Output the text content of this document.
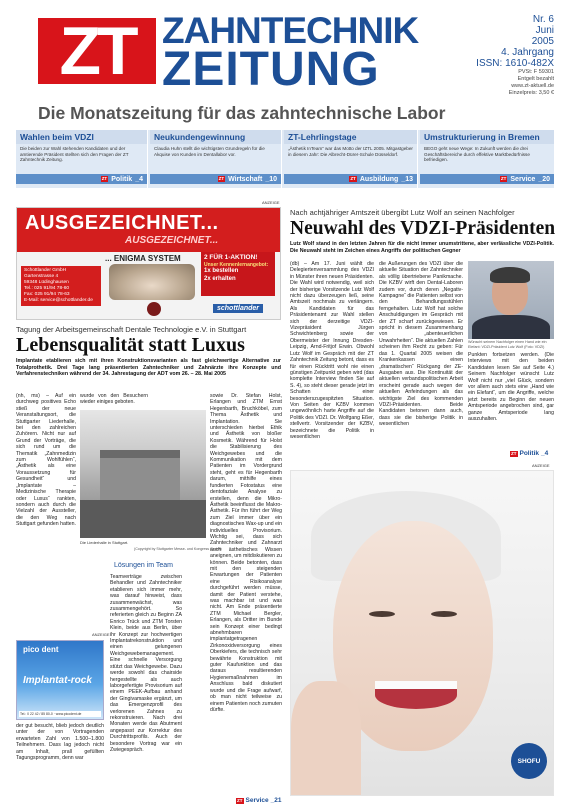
ZT ZAHNTECHNIK
ZEITUNG
Nr. 6
Juni
2005
4. Jahrgang
ISSN: 1610-482X
PVSt: F 59301
Entgelt bezahlt
www.zt-aktuell.de
Einzelpreis: 3,50 €
Die Monatszeitung für das zahntechnische Labor
Wahlen beim VDZI
Die beiden zur Wahl stehenden Kandidaten und der amtierende Präsident stellten sich den Fragen der ZT Zahntechnik Zeitung.
ZT Politik _4
Neukundengewinnung
Claudia Huhn stellt die wichtigsten Grundregeln für die Akquise von Kunden im Dentallabor vor.
ZT Wirtschaft _10
ZT-Lehrlingstage
„Ästhetik InTeam“ war das Motto der IZTL 2005. Mitgastgeber in diesem Jahr: Die Albrecht-Dürer-Schule Düsseldorf.
ZT Ausbildung _13
Umstrukturierung in Bremen
BEGO geht neue Wege: In Zukunft werden die drei Geschäftsbereiche durch effektive Marktbedürfnisse befriedigen.
ZT Service _20
ANZEIGE
AUSGEZEICHNET...
AUSGEZEICHNET...
... ENIGMA SYSTEM	2 FÜR 1-AKTION!
Unser Kennenlernangebot:
1x bestellen
2x erhalten
Schottlander GmbH
Gartenstrasse 4
59348 Lüdinghausen
Tel.: 025 91/94 78-60
Fax: 025 91/94 78-63
E-Mail: service@schottlander.de
schottlander
Tagung der Arbeitsgemeinschaft Dentale Technologie e.V. in Stuttgart
Lebensqualität statt Luxus
Implantate etablieren sich mit ihren Konstruktionsvarianten als fast gleichwertige Alternative zur Totalprothetik. Drei Tage lang präsentierten Zahntechniker und Zahnärzte ihre Konzepte und Verfahrenstechniken während der 34. Jahrestagung der ADT vom 26. – 28. Mai 2005

(nh, ms) – Auf ein durchweg positives Echo stieß der neue Veranstaltungsort, die Stuttgarter Liederhalle, bei den zahlreichen Zuhörern. Nicht nur auf Grund der Vorträge, die sich rund um die Thematik „Zahnmedizin zum Wohlfühlen“, „Ästhetik als eine Voraussetzung für Gesundheit“ und „Implantate – Medizinische Therapie oder Luxus“ rankten, sondern auch durch die Vielzahl der Aussteller, die den Weg nach Stuttgart gefunden hatten.

wurde von den Besuchern wieder einiges geboten.
Die Liederhalle in Stuttgart.
(Copyright by Stuttgarter Messe- und Kongress GmbH)
Lösungen im Team

Teamverträge zwischen Behandler und Zahntechniker etablieren sich immer mehr, was darauf hinweist, dass zusammenwächst, was zusammengehört. So referierten gleich zu Beginn ZA Enrico Trück und ZTM Torsten Klein, beide aus Berlin, über ihr Konzept zur hochwertigen Implantatrekonstruktion und einen gelungenen Weichgewebemanagement. Eine schnelle Versorgung stützt das Weichgewebe. Dazu werde sowohl das chairside hergestellte als auch laborgefertigte Provisorium auf einem PEEK-Aufbau anhand der Gingivamaske ergänzt, um das Emergenzprofil des verlorenen Zahnes zu rekonstruieren. Nach drei Monaten werde das Abutment angepasst zur Korrektur des Durchtrittsprofils. Auch der besondere Vortrag war ein Zwiegespräch.

sowie Dr. Stefan Holst, Erlangen und ZTM Ernst Hegenbarth, Bruchköbel, zum Thema Ästhetik und Implantation. Sie unterschieden hierbei Ethik und Ästhetik von bloßer Kosmetik. Während für Holst die Stabilisierung des Weichgewebes und die Kommunikation mit dem Patienten im Vordergrund steht, geht es für Hegenbarth darum, mithilfe eines fundierten Fotostatus eine dentofaziale Analyse zu erstellen, denn die Mikro-Ästhetik beeinflusst die Makro-Ästhetik. Für ihn führt der Weg zum Ziel immer über ein diagnostisches Wax-up und ein individuelles Provisorium. Wichtig sei, dass sich Zahntechniker und Zahnarzt auch ästhetisches Wissen aneignen, um mitdiskutieren zu können. Beide betonten, dass mit den steigenden Erwartungen der Patienten eine Risikoanalyse durchgeführt werden müsse, damit der Patient verstehe, was machbar ist und was nicht. Am Ende präsentierte ZTM Michael Bergler, Erlangen, als Dritter im Bunde sein Konzept einer bedingt abnehmbaren implantatgetragenen Zirkonoxidversorgung eines Oberkiefers, die technisch sehr bewährte Konstruktion mit guter Kaufunktion und das daraus resultierenden Hygienemaßnahmen im Anschluss bald diskutiert wurde und die Frage aufwarf, ob man nicht teilweise zu einem Patienten noch zumuten dürfte.

ANZEIGE
pico dent
Implantat-rock
Tel.: 0 22 42 / 85 80-0 · www.picodent.de

der gut besucht, blieb jedoch deutlich unter der von Vortragenden erwarteten Zahl von 1.500–1.800 Teilnehmern. Dass lag jedoch nicht am Inhalt, prall gefüllten Tagungsprogramm, denn war

Nach achtjähriger Amtszeit übergibt Lutz Wolf an seinen Nachfolger
Neuwahl des VDZI-Präsidenten
Lutz Wolf stand in den letzten Jahren für die nicht immer unumstrittene, aber verlässliche VDZI-Politik. Die Neuwahl steht im Zeichen eines Angriffs der politischen Gegner

(db) – Am 17. Juni wählt die Delegiertenversammlung des VDZI in Münster ihren neuen Präsidenten. Die Wahl wird notwendig, weil sich der bisherige Vorsitzende Lutz Wolf nicht dazu überzeugen ließ, seine Amtszeit nochmals zu verlängern. Als Kandidaten für das Präsidentenamt zur Wahl stellen sich der derzeitige VDZI-Vizepräsident Jürgen Schwichtenberg sowie der Obermeister der Innung Dresden-Leipzig, Arnd-Fritjof Erwin. Obwohl Lutz Wolf im Gespräch mit der ZT Zahntechnik Zeitung betont, dass es für einen Rücktritt wohl nie einen günstigen Zeitpunkt geben wird (das komplette Interview finden Sie auf S. 4), so steht dieser gerade jetzt im Schatten einer besonderszugespitzten Situation. Von Seiten der KZBV kommen ungewöhnlich harte Angriffe auf die Politik des VDZI. Dr. Wolfgang Eßer, stellvertr. Vorsitzender der KZBV, bezeichnete die Politik in wesentlichen

die Äußerungen des VDZI über die aktuelle Situation der Zahntechniker als völlig übertriebene Panikmache. Die KZBV wirft den Dental-Laboren zudem vor, durch deren „Negativ-Kampagne“ die Patienten selbst von den Behandlungsstühlen ferngehalten. Lutz Wolf hat solche Anschuldigungen im Gespräch mit der ZT scharf zurückgewiesen. Er spricht in diesem Zusammenhang von „abenteuerlichen Unwahrheiten“. Die aktuellen Zahlen scheinen ihm Recht zu geben: Für das 1. Quartal 2005 weisen die Krankenkassen einen „dramatischen“ Rückgang der ZE-Ausgaben aus. Die Kontinuität der aktuellen verbandspolitischen Arbeit erscheint gerade auch wegen der aktuellen Anfeindungen als das wichtigste Ziel des kommenden VDZI-Präsidenten. Beide Kandidaten betonen dann auch, dass sie die bisherige Politik in wesentlichen

Wünscht seinem Nachfolger einen Hand wie ein Elefant: VDZI-Präsident Lutz Wolf (Foto: VDZI)

Punkten fortsetzen werden. (Die Interviews mit den beiden Kandidaten lesen Sie auf Seite 4.) Seinem Nachfolger wünscht Lutz Wolf nicht nur „viel Glück, sondern vor allem auch stets eine „Hand wie ein Elefant“, um die Angriffe, welche jetzt bereits zu Beginn der neuen Amtsperiode angebrochen sind, gar ganze Amtsperiode lang auszuhalten.

ZT Politik _4
ANZEIGE
SHOFU
ZT Service _21
